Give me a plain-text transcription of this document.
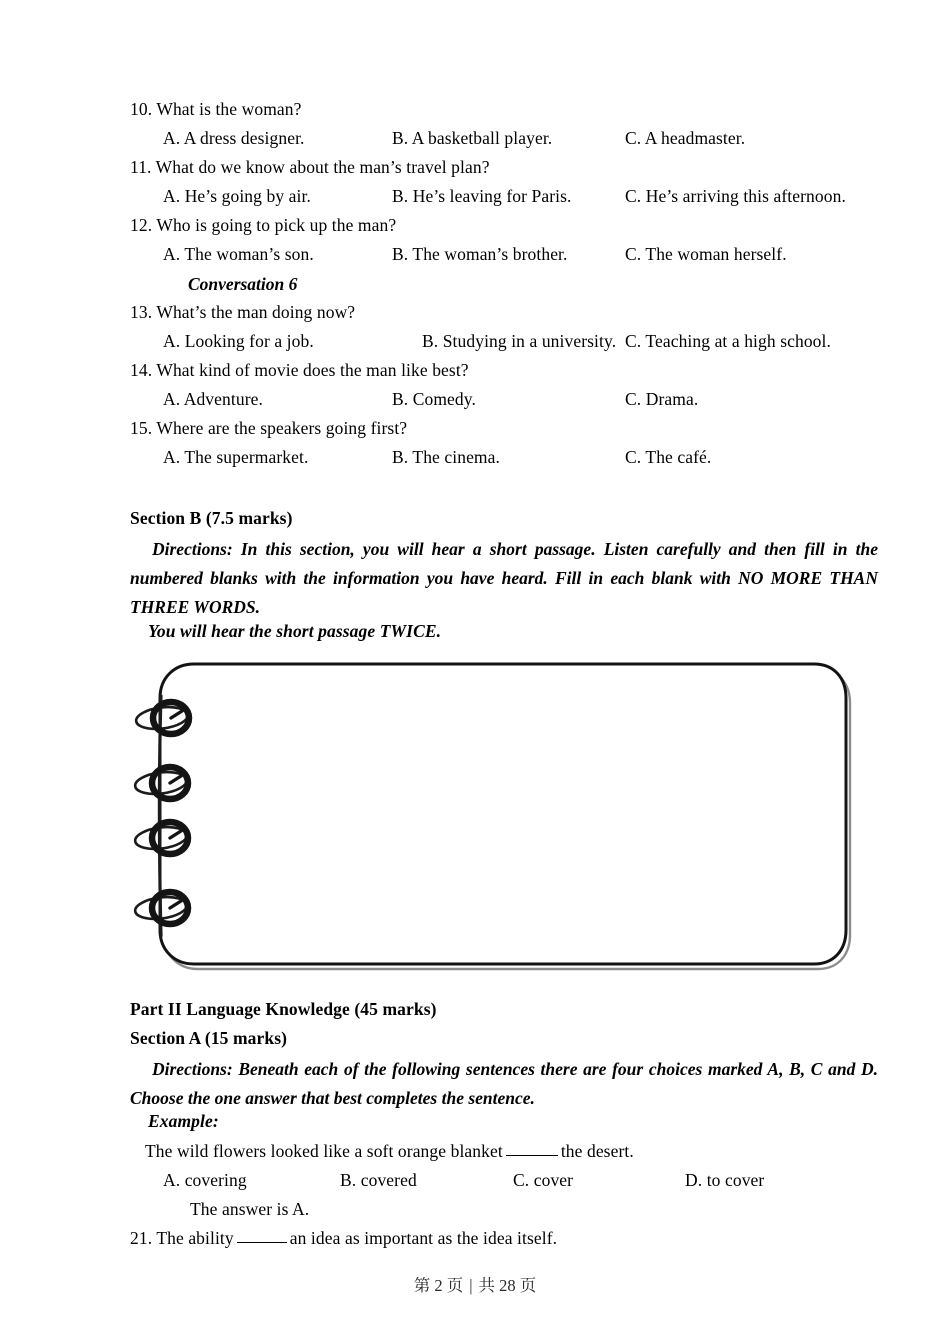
10. What is the woman?
A. A dress designer.	B. A basketball player.	C. A headmaster.
11. What do we know about the man’s travel plan?
A. He’s going by air.	B. He’s leaving for Paris.	C. He’s arriving this afternoon.
12. Who is going to pick up the man?
A. The woman’s son.	B. The woman’s brother.	C. The woman herself.
Conversation 6
13. What’s the man doing now?
A. Looking for a job.	B. Studying in a university. C. Teaching at a high school.
14. What kind of movie does the man like best?
A. Adventure.	B. Comedy.	C. Drama.
15. Where are the speakers going first?
A. The supermarket.	B. The cinema.	C. The café.
Section B (7.5 marks)
Directions: In this section, you will hear a short passage. Listen carefully and then fill in the numbered blanks with the information you have heard. Fill in each blank with NO MORE THAN THREE WORDS.
You will hear the short passage TWICE.
Part II Language Knowledge (45 marks)
Section A (15 marks)
Directions: Beneath each of the following sentences there are four choices marked A, B, C and D. Choose the one answer that best completes the sentence.
Example:
The wild flowers looked like a soft orange blanket	the desert.
A. covering	B. covered	C. cover	D. to cover
The answer is A.
21. The ability	an idea as important as the idea itself.
第 2 页 | 共 28 页
